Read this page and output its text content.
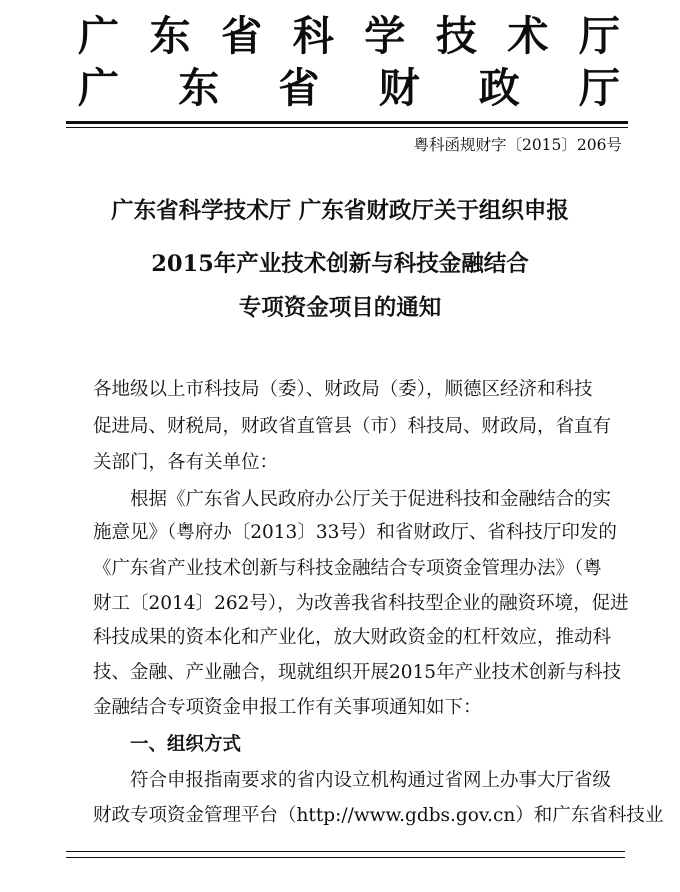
广 东 省 科 学 技 术 厅
广 东 省 财 政 厅
粤科函规财字〔2015〕206号
广东省科学技术厅 广东省财政厅关于组织申报
2015年产业技术创新与科技金融结合
专项资金项目的通知
各地级以上市科技局（委）、财政局（委），顺德区经济和科技
促进局、财税局，财政省直管县（市）科技局、财政局，省直有
关部门，各有关单位：
根据《广东省人民政府办公厅关于促进科技和金融结合的实
施意见》（粤府办〔2013〕33号）和省财政厅、省科技厅印发的
《广东省产业技术创新与科技金融结合专项资金管理办法》（粤
财工〔2014〕262号），为改善我省科技型企业的融资环境，促进
科技成果的资本化和产业化，放大财政资金的杠杆效应，推动科
技、金融、产业融合，现就组织开展2015年产业技术创新与科技
金融结合专项资金申报工作有关事项通知如下：
一、组织方式
符合申报指南要求的省内设立机构通过省网上办事大厅省级
财政专项资金管理平台（http://www.gdbs.gov.cn）和广东省科技业
